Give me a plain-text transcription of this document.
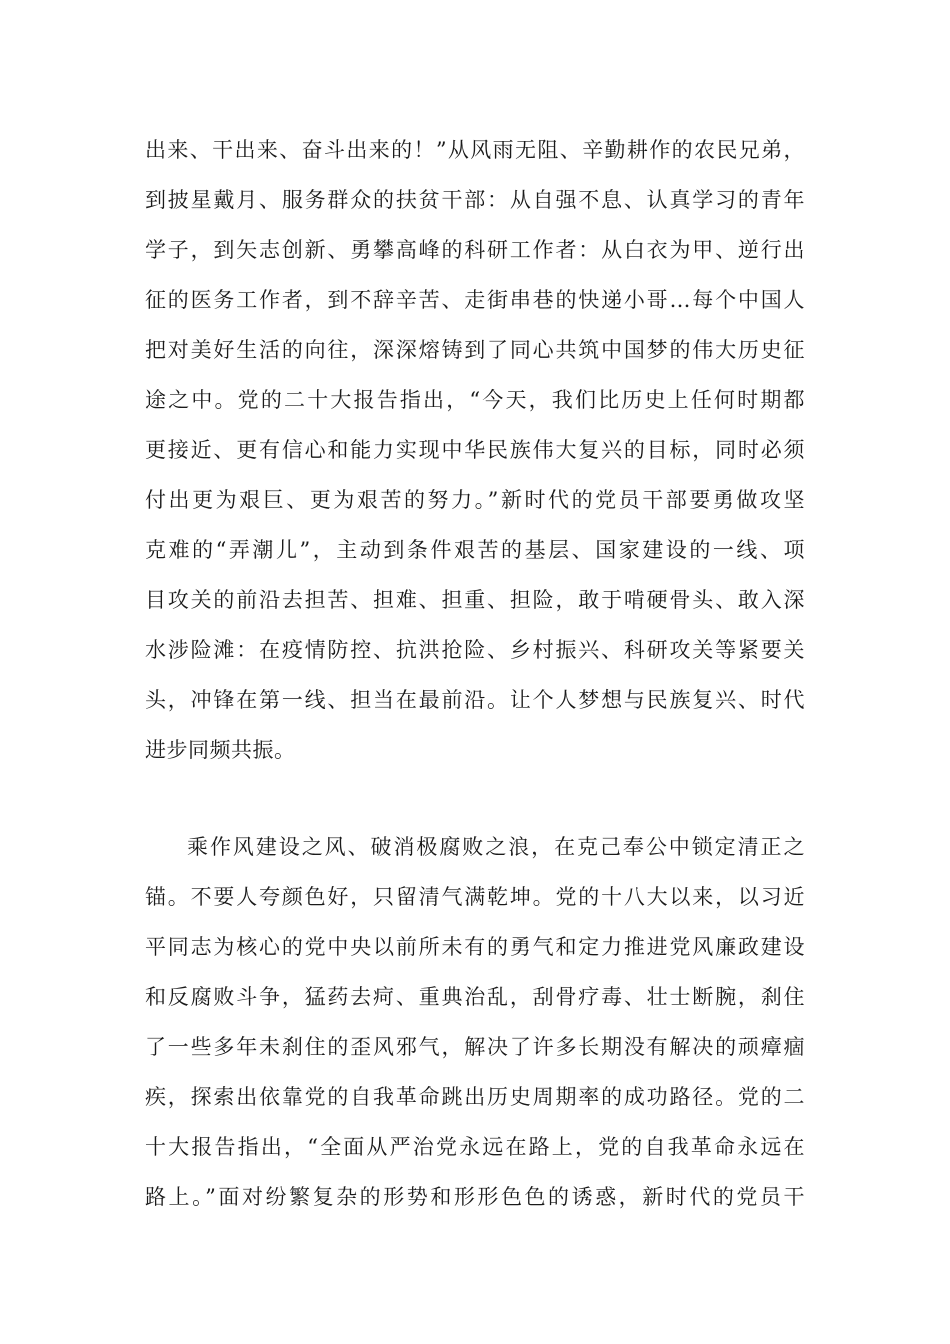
出来、干出来、奋斗出来的！”从风雨无阻、辛勤耕作的农民兄弟，
到披星戴月、服务群众的扶贫干部：从自强不息、认真学习的青年
学子，到矢志创新、勇攀高峰的科研工作者：从白衣为甲、逆行出
征的医务工作者，到不辞辛苦、走街串巷的快递小哥…每个中国人
把对美好生活的向往，深深熔铸到了同心共筑中国梦的伟大历史征
途之中。党的二十大报告指出，“今天，我们比历史上任何时期都
更接近、更有信心和能力实现中华民族伟大复兴的目标，同时必须
付出更为艰巨、更为艰苦的努力。”新时代的党员干部要勇做攻坚
克难的“弄潮儿”，主动到条件艰苦的基层、国家建设的一线、项
目攻关的前沿去担苦、担难、担重、担险，敢于啃硬骨头、敢入深
水涉险滩：在疫情防控、抗洪抢险、乡村振兴、科研攻关等紧要关
头，冲锋在第一线、担当在最前沿。让个人梦想与民族复兴、时代
进步同频共振。
乘作风建设之风、破消极腐败之浪，在克己奉公中锁定清正之
锚。不要人夸颜色好，只留清气满乾坤。党的十八大以来，以习近
平同志为核心的党中央以前所未有的勇气和定力推进党风廉政建设
和反腐败斗争，猛药去疴、重典治乱，刮骨疗毒、壮士断腕，刹住
了一些多年未刹住的歪风邪气，解决了许多长期没有解决的顽瘴痼
疾，探索出依靠党的自我革命跳出历史周期率的成功路径。党的二
十大报告指出，“全面从严治党永远在路上，党的自我革命永远在
路上。”面对纷繁复杂的形势和形形色色的诱惑，新时代的党员干
